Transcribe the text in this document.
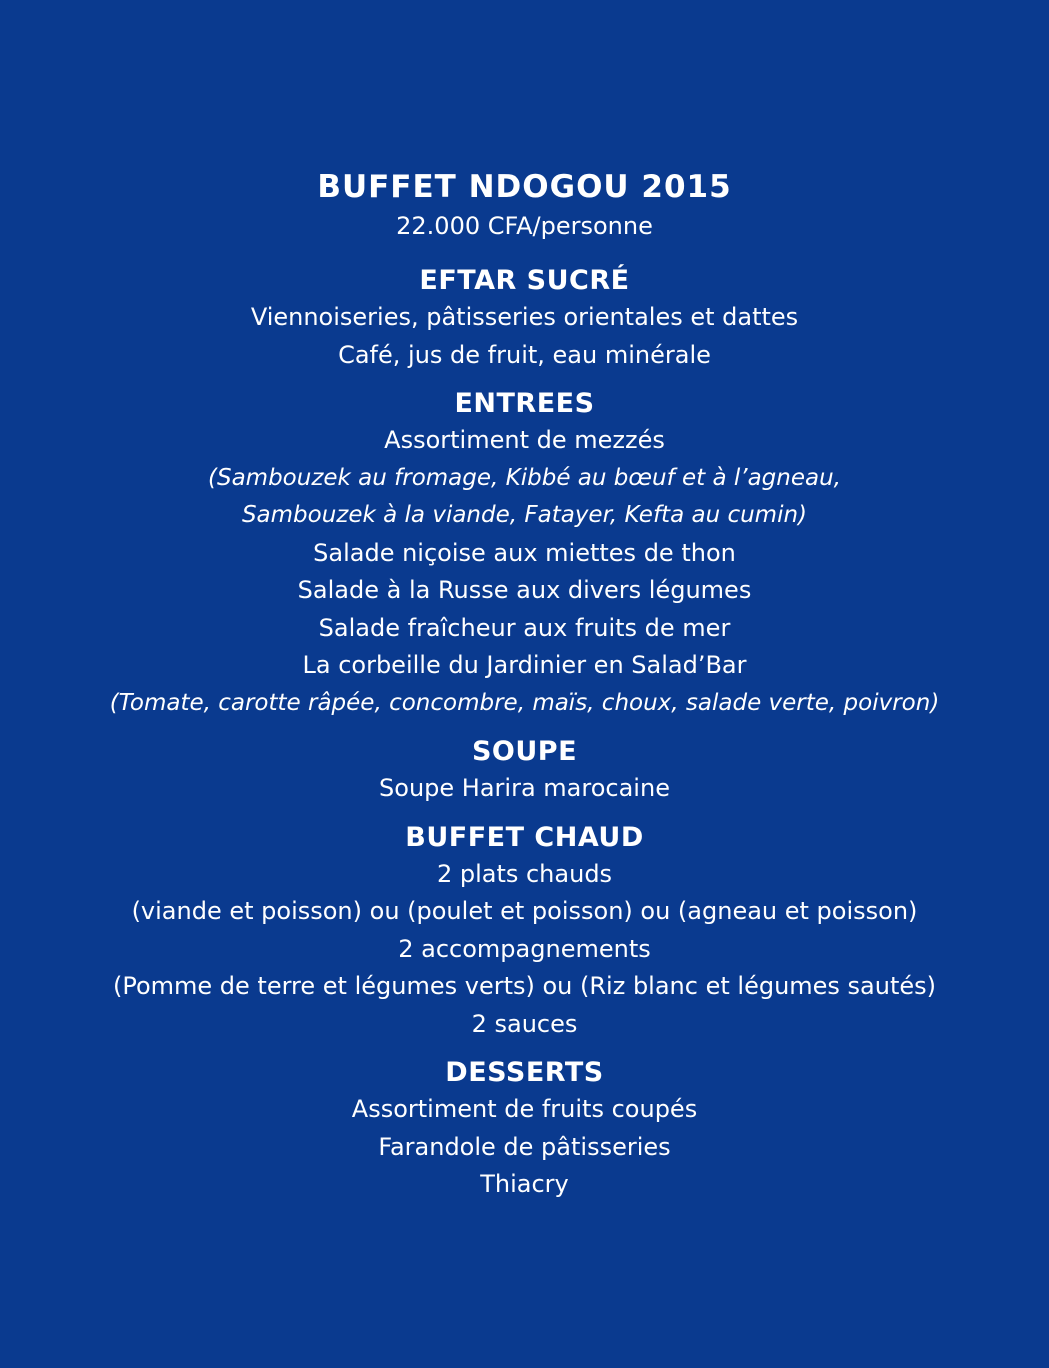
BUFFET NDOGOU 2015

22.000 CFA/personne

EFTAR SUCRÉ

Viennoiseries, pâtisseries orientales et dattes

Café, jus de fruit, eau minérale

ENTREES

Assortiment de mezzés

(Sambouzek au fromage, Kibbé au bœuf et à l’agneau,

Sambouzek à la viande, Fatayer, Kefta au cumin)

Salade niçoise aux miettes de thon

Salade à la Russe aux divers légumes

Salade fraîcheur aux fruits de mer

La corbeille du Jardinier en Salad’Bar

(Tomate, carotte râpée, concombre, maïs, choux, salade verte, poivron)

SOUPE

Soupe Harira marocaine

BUFFET CHAUD

2 plats chauds

(viande et poisson) ou (poulet et poisson) ou (agneau et poisson)

2 accompagnements

(Pomme de terre et légumes verts) ou (Riz blanc et légumes sautés)

2 sauces

DESSERTS

Assortiment de fruits coupés

Farandole de pâtisseries

Thiacry
